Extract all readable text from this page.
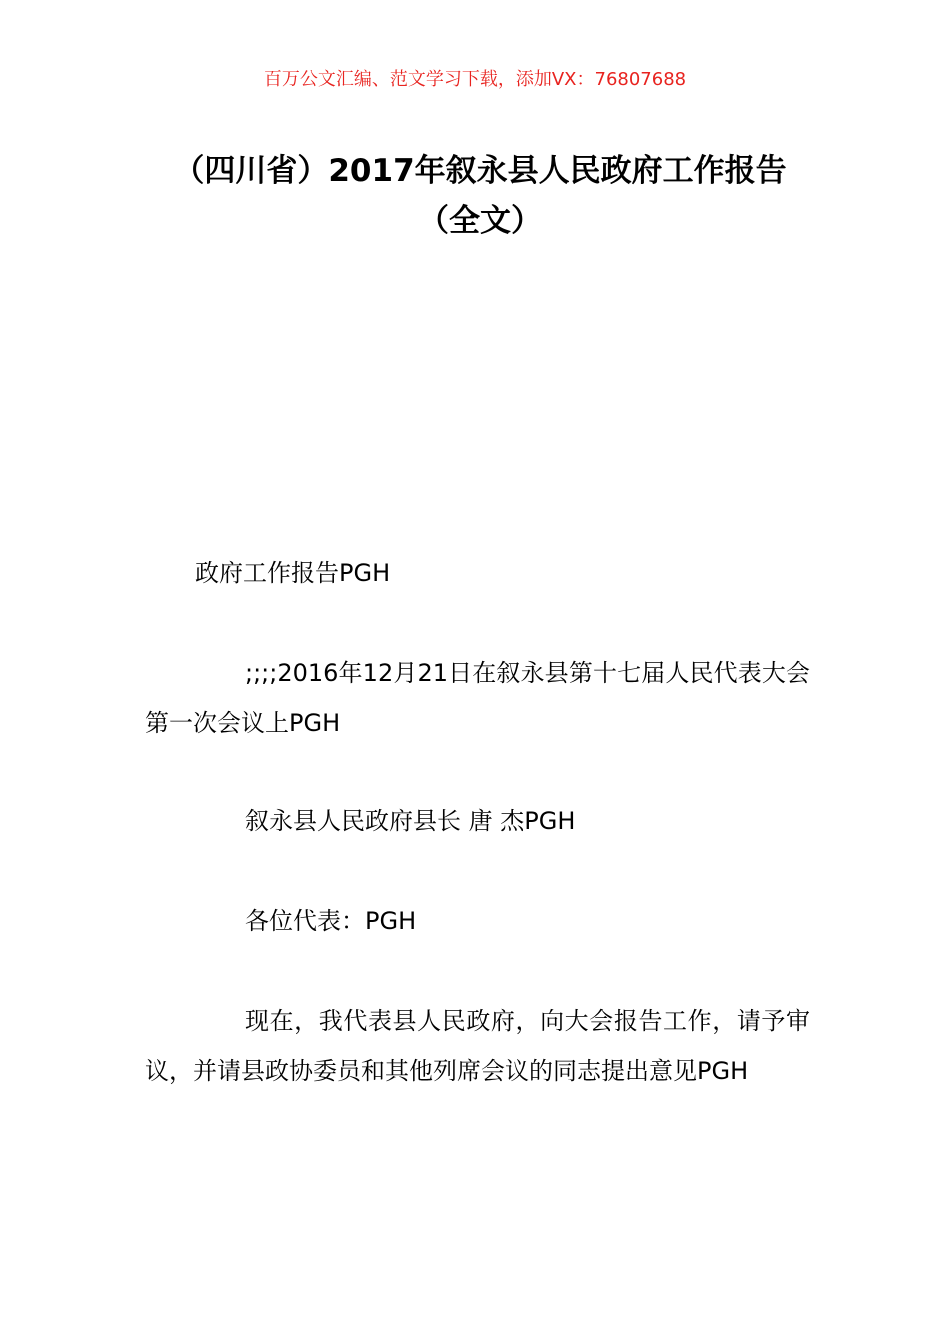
百万公文汇编、范文学习下载，添加VX：76807688
（四川省）2017年叙永县人民政府工作报告（全文）
政府工作报告PGH
;;;;2016年12月21日在叙永县第十七届人民代表大会第一次会议上PGH
叙永县人民政府县长 唐 杰PGH
各位代表：PGH
现在，我代表县人民政府，向大会报告工作，请予审议，并请县政协委员和其他列席会议的同志提出意见PGH
